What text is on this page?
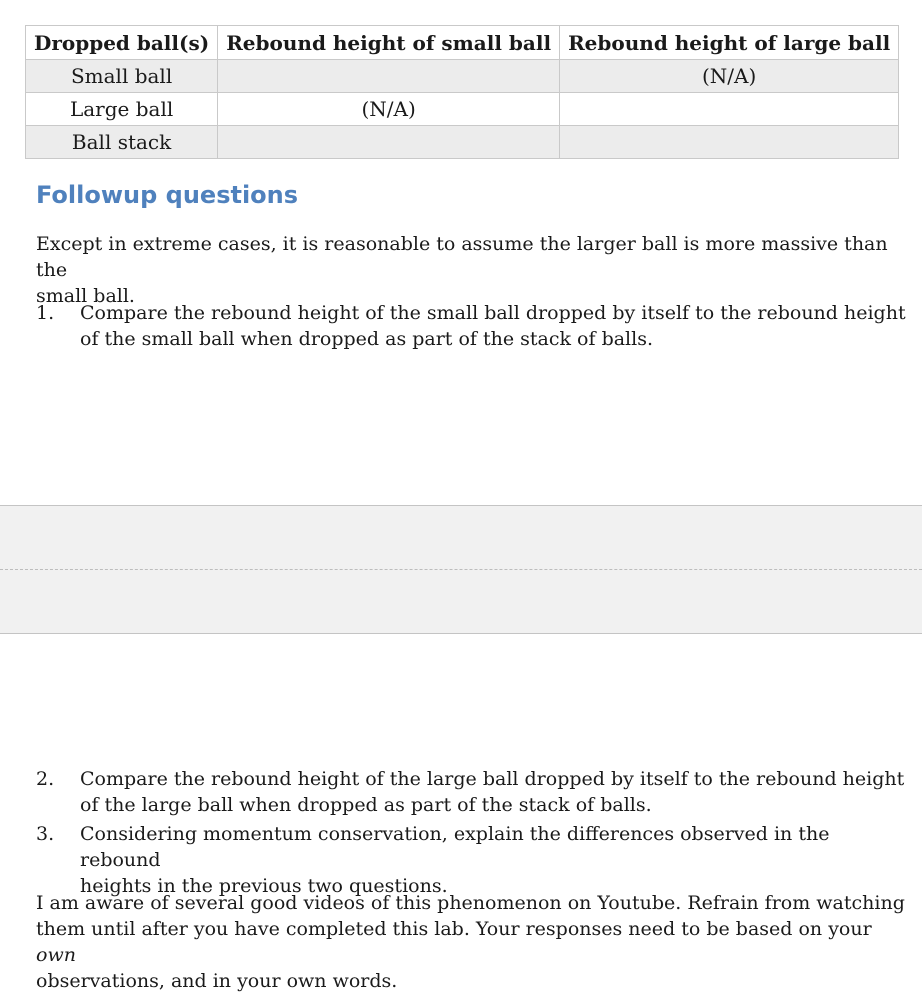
Dropped ball(s)	Rebound height of small ball	Rebound height of large ball
Small ball		(N/A)
Large ball	(N/A)	
Ball stack		
Followup questions
Except in extreme cases, it is reasonable to assume the larger ball is more massive than the
small ball.
1.	Compare the rebound height of the small ball dropped by itself to the rebound height
of the small ball when dropped as part of the stack of balls.
2.	Compare the rebound height of the large ball dropped by itself to the rebound height
of the large ball when dropped as part of the stack of balls.
3.	Considering momentum conservation, explain the differences observed in the rebound
heights in the previous two questions.
I am aware of several good videos of this phenomenon on Youtube. Refrain from watching
them until after you have completed this lab. Your responses need to be based on your own
observations, and in your own words.
